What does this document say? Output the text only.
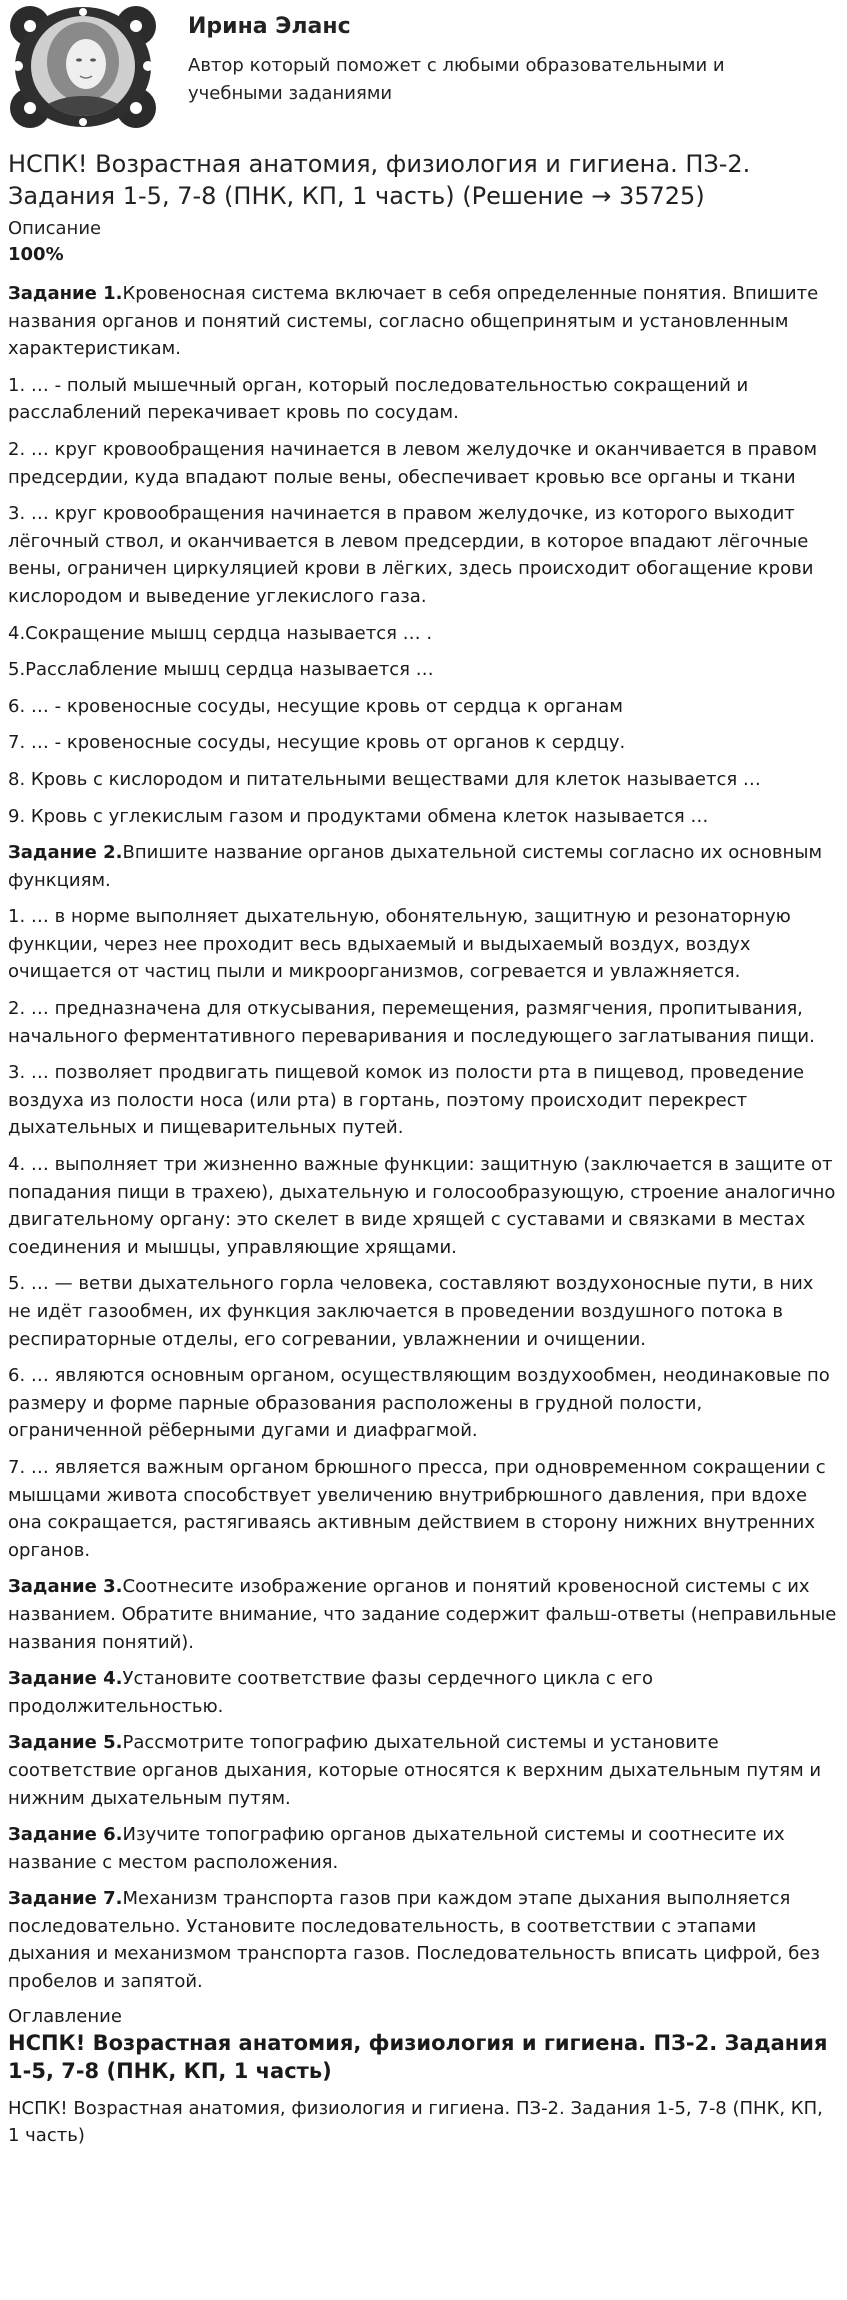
Ирина Эланс

Автор который поможет с любыми образовательными и учебными заданиями

НСПК! Возрастная анатомия, физиология и гигиена. ПЗ-2. Задания 1-5, 7-8 (ПНК, КП, 1 часть) (Решение → 35725)

Описание

100%

Задание 1.Кровеносная система включает в себя определенные понятия. Впишите названия органов и понятий системы, согласно общепринятым и установленным характеристикам.

1. … - полый мышечный орган, который последовательностью сокращений и расслаблений перекачивает кровь по сосудам.

2. … круг кровообращения начинается в левом желудочке и оканчивается в правом предсердии, куда впадают полые вены, обеспечивает кровью все органы и ткани

3. … круг кровообращения начинается в правом желудочке, из которого выходит лёгочный ствол, и оканчивается в левом предсердии, в которое впадают лёгочные вены, ограничен циркуляцией крови в лёгких, здесь происходит обогащение крови кислородом и выведение углекислого газа.

4.Сокращение мышц сердца называется … .

5.Расслабление мышц сердца называется …

6. … - кровеносные сосуды, несущие кровь от сердца к органам

7. … - кровеносные сосуды, несущие кровь от органов к сердцу.

8. Кровь с кислородом и питательными веществами для клеток называется …

9. Кровь с углекислым газом и продуктами обмена клеток называется …

Задание 2.Впишите название органов дыхательной системы согласно их основным функциям.

1. … в норме выполняет дыхательную, обонятельную, защитную и резонаторную функции, через нее проходит весь вдыхаемый и выдыхаемый воздух, воздух очищается от частиц пыли и микроорганизмов, согревается и увлажняется.

2. … предназначена для откусывания, перемещения, размягчения, пропитывания, начального ферментативного переваривания и последующего заглатывания пищи.

3. … позволяет продвигать пищевой комок из полости рта в пищевод, проведение воздуха из полости носа (или рта) в гортань, поэтому происходит перекрест дыхательных и пищеварительных путей.

4. … выполняет три жизненно важные функции: защитную (заключается в защите от попадания пищи в трахею), дыхательную и голосообразующую, строение аналогично двигательному органу: это скелет в виде хрящей с суставами и связками в местах соединения и мышцы, управляющие хрящами.

5. … — ветви дыхательного горла человека, составляют воздухоносные пути, в них не идёт газообмен, их функция заключается в проведении воздушного потока в респираторные отделы, его согревании, увлажнении и очищении.

6. … являются основным органом, осуществляющим воздухообмен, неодинаковые по размеру и форме парные образования расположены в грудной полости, ограниченной рёберными дугами и диафрагмой.

7. … является важным органом брюшного пресса, при одновременном сокращении с мышцами живота способствует увеличению внутрибрюшного давления, при вдохе она сокращается, растягиваясь активным действием в сторону нижних внутренних органов.

Задание 3.Соотнесите изображение органов и понятий кровеносной системы с их названием. Обратите внимание, что задание содержит фальш-ответы (неправильные названия понятий).

Задание 4.Установите соответствие фазы сердечного цикла с его продолжительностью.

Задание 5.Рассмотрите топографию дыхательной системы и установите соответствие органов дыхания, которые относятся к верхним дыхательным путям и нижним дыхательным путям.

Задание 6.Изучите топографию органов дыхательной системы и соотнесите их название с местом расположения.

Задание 7.Механизм транспорта газов при каждом этапе дыхания выполняется последовательно. Установите последовательность, в соответствии с этапами дыхания и механизмом транспорта газов. Последовательность вписать цифрой, без пробелов и запятой.

Оглавление

НСПК! Возрастная анатомия, физиология и гигиена. ПЗ-2. Задания 1-5, 7-8 (ПНК, КП, 1 часть)

НСПК! Возрастная анатомия, физиология и гигиена. ПЗ-2. Задания 1-5, 7-8 (ПНК, КП, 1 часть)
